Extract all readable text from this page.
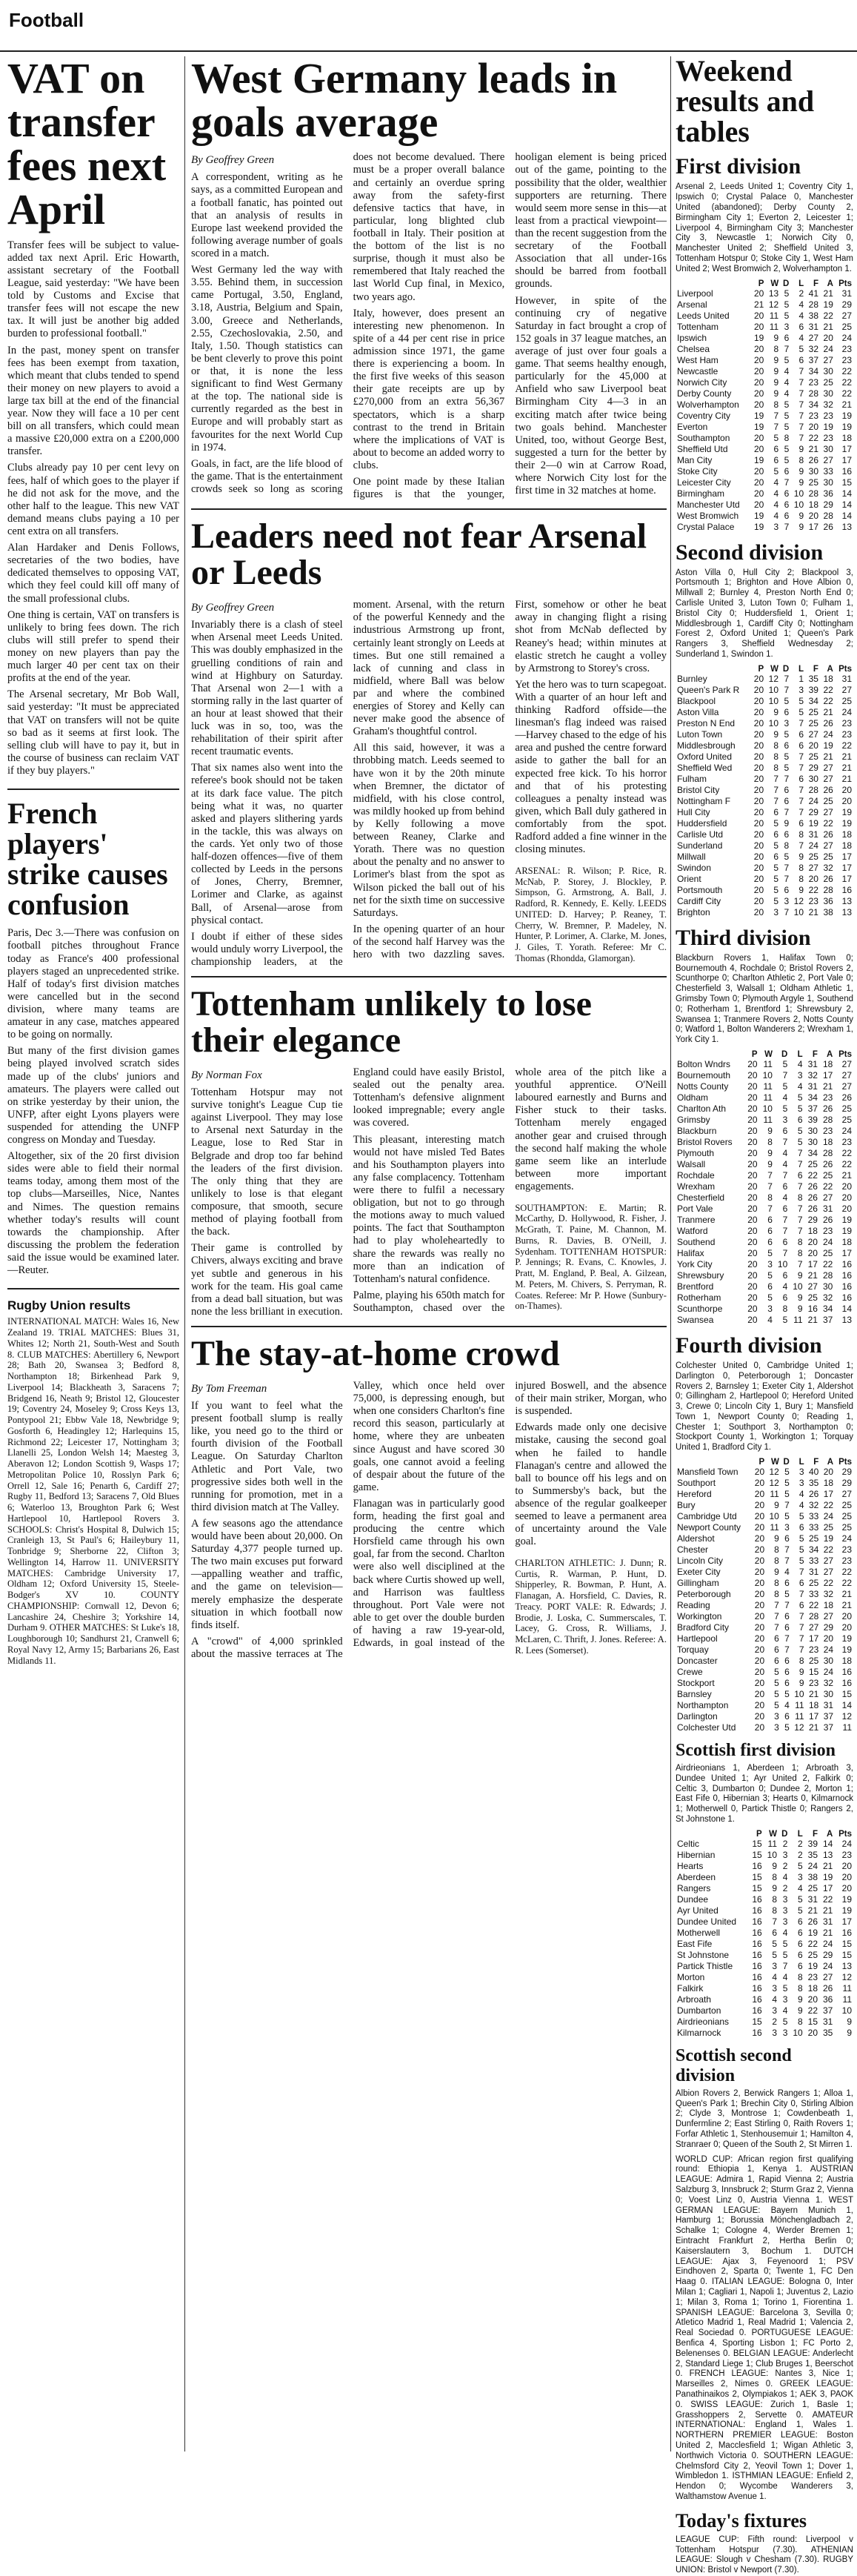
Football
VAT on transfer fees next April

Transfer fees will be subject to value-added tax next April. Eric Howarth, assistant secretary of the Football League, said yesterday: "We have been told by Customs and Excise that transfer fees will not escape the new tax. It will just be another big added burden to professional football."

In the past, money spent on transfer fees has been exempt from taxation, which meant that clubs tended to spend their money on new players to avoid a large tax bill at the end of the financial year. Now they will face a 10 per cent bill on all transfers, which could mean a massive £20,000 extra on a £200,000 transfer.

Clubs already pay 10 per cent levy on fees, half of which goes to the player if he did not ask for the move, and the other half to the league. This new VAT demand means clubs paying a 10 per cent extra on all transfers.

Alan Hardaker and Denis Follows, secretaries of the two bodies, have dedicated themselves to opposing VAT, which they feel could kill off many of the small professional clubs.

One thing is certain, VAT on transfers is unlikely to bring fees down. The rich clubs will still prefer to spend their money on new players than pay the much larger 40 per cent tax on their profits at the end of the year.

The Arsenal secretary, Mr Bob Wall, said yesterday: "It must be appreciated that VAT on transfers will not be quite so bad as it seems at first look. The selling club will have to pay it, but in the course of business can reclaim VAT if they buy players."

French players' strike causes confusion

Paris, Dec 3.—There was confusion on football pitches throughout France today as France's 400 professional players staged an unprecedented strike. Half of today's first division matches were cancelled but in the second division, where many teams are amateur in any case, matches appeared to be going on normally.

But many of the first division games being played involved scratch sides made up of the clubs' juniors and amateurs. The players were called out on strike yesterday by their union, the UNFP, after eight Lyons players were suspended for attending the UNFP congress on Monday and Tuesday.

Altogether, six of the 20 first division sides were able to field their normal teams today, among them most of the top clubs—Marseilles, Nice, Nantes and Nimes. The question remains whether today's results will count towards the championship. After discussing the problem the federation said the issue would be examined later.—Reuter.

Rugby Union results
INTERNATIONAL MATCH: Wales 16, New Zealand 19. TRIAL MATCHES: Blues 31, Whites 12; North 21, South-West and South 8. CLUB MATCHES: Abertillery 6, Newport 28; Bath 20, Swansea 3; Bedford 8, Northampton 18; Birkenhead Park 9, Liverpool 14; Blackheath 3, Saracens 7; Bridgend 16, Neath 9; Bristol 12, Gloucester 19; Coventry 24, Moseley 9; Cross Keys 13, Pontypool 21; Ebbw Vale 18, Newbridge 9; Gosforth 6, Headingley 12; Harlequins 15, Richmond 22; Leicester 17, Nottingham 3; Llanelli 25, London Welsh 14; Maesteg 3, Aberavon 12; London Scottish 9, Wasps 17; Metropolitan Police 10, Rosslyn Park 6; Orrell 12, Sale 16; Penarth 6, Cardiff 27; Rugby 11, Bedford 13; Saracens 7, Old Blues 6; Waterloo 13, Broughton Park 6; West Hartlepool 10, Hartlepool Rovers 3. SCHOOLS: Christ's Hospital 8, Dulwich 15; Cranleigh 13, St Paul's 6; Haileybury 11, Tonbridge 9; Sherborne 22, Clifton 3; Wellington 14, Harrow 11. UNIVERSITY MATCHES: Cambridge University 17, Oldham 12; Oxford University 15, Steele-Bodger's XV 10. COUNTY CHAMPIONSHIP: Cornwall 12, Devon 6; Lancashire 24, Cheshire 3; Yorkshire 14, Durham 9. OTHER MATCHES: St Luke's 18, Loughborough 10; Sandhurst 21, Cranwell 6; Royal Navy 12, Army 15; Barbarians 26, East Midlands 11.
West Germany leads in goals average
By Geoffrey Green

A correspondent, writing as he says, as a committed European and a football fanatic, has pointed out that an analysis of results in Europe last weekend provided the following average number of goals scored in a match.

West Germany led the way with 3.55. Behind them, in succession came Portugal, 3.50, England, 3.18, Austria, Belgium and Spain, 3.00, Greece and Netherlands, 2.55, Czechoslovakia, 2.50, and Italy, 1.50. Though statistics can be bent cleverly to prove this point or that, it is none the less significant to find West Germany at the top. The national side is currently regarded as the best in Europe and will probably start as favourites for the next World Cup in 1974.

Goals, in fact, are the life blood of the game. That is the entertainment crowds seek so long as scoring does not become devalued. There must be a proper overall balance and certainly an overdue spring away from the safety-first defensive tactics that have, in particular, long blighted club football in Italy. Their position at the bottom of the list is no surprise, though it must also be remembered that Italy reached the last World Cup final, in Mexico, two years ago.

Italy, however, does present an interesting new phenomenon. In spite of a 44 per cent rise in price admission since 1971, the game there is experiencing a boom. In the first five weeks of this season their gate receipts are up by £270,000 from an extra 56,367 spectators, which is a sharp contrast to the trend in Britain where the implications of VAT is about to become an added worry to clubs.

One point made by these Italian figures is that the younger, hooligan element is being priced out of the game, pointing to the possibility that the older, wealthier supporters are returning. There would seem more sense in this—at least from a practical viewpoint—than the recent suggestion from the secretary of the Football Association that all under-16s should be barred from football grounds.

However, in spite of the continuing cry of negative Saturday in fact brought a crop of 152 goals in 37 league matches, an average of just over four goals a game. That seems healthy enough, particularly for the 45,000 at Anfield who saw Liverpool beat Birmingham City 4—3 in an exciting match after twice being two goals behind. Manchester United, too, without George Best, suggested a turn for the better by their 2—0 win at Carrow Road, where Norwich City lost for the first time in 32 matches at home.

Leaders need not fear Arsenal or Leeds
By Geoffrey Green

Invariably there is a clash of steel when Arsenal meet Leeds United. This was doubly emphasized in the gruelling conditions of rain and wind at Highbury on Saturday. That Arsenal won 2—1 with a storming rally in the last quarter of an hour at least showed that their luck was in so, too, was the rehabilitation of their spirit after recent traumatic events.

That six names also went into the referee's book should not be taken at its dark face value. The pitch being what it was, no quarter asked and players slithering yards in the tackle, this was always on the cards. Yet only two of those half-dozen offences—five of them collected by Leeds in the persons of Jones, Cherry, Bremner, Lorimer and Clarke, as against Ball, of Arsenal—arose from physical contact.

I doubt if either of these sides would unduly worry Liverpool, the championship leaders, at the moment. Arsenal, with the return of the powerful Kennedy and the industrious Armstrong up front, certainly leant strongly on Leeds at times. But one still remained a lack of cunning and class in midfield, where Ball was below par and where the combined energies of Storey and Kelly can never make good the absence of Graham's thoughtful control.

All this said, however, it was a throbbing match. Leeds seemed to have won it by the 20th minute when Bremner, the dictator of midfield, with his close control, was mildly hooked up from behind by Kelly following a move between Reaney, Clarke and Yorath. There was no question about the penalty and no answer to Lorimer's blast from the spot as Wilson picked the ball out of his net for the sixth time on successive Saturdays.

In the opening quarter of an hour of the second half Harvey was the hero with two dazzling saves. First, somehow or other he beat away in changing flight a rising shot from McNab deflected by Reaney's head; within minutes at elastic stretch he caught a volley by Armstrong to Storey's cross.

Yet the hero was to turn scapegoat. With a quarter of an hour left and thinking Radford offside—the linesman's flag indeed was raised—Harvey chased to the edge of his area and pushed the centre forward aside to gather the ball for an expected free kick. To his horror and that of his protesting colleagues a penalty instead was given, which Ball duly gathered in comfortably from the spot. Radford added a fine winner in the closing minutes.

ARSENAL: R. Wilson; P. Rice, R. McNab, P. Storey, J. Blockley, P. Simpson, G. Armstrong, A. Ball, J. Radford, R. Kennedy, E. Kelly. LEEDS UNITED: D. Harvey; P. Reaney, T. Cherry, W. Bremner, P. Madeley, N. Hunter, P. Lorimer, A. Clarke, M. Jones, J. Giles, T. Yorath. Referee: Mr C. Thomas (Rhondda, Glamorgan).

Tottenham unlikely to lose their elegance
By Norman Fox

Tottenham Hotspur may not survive tonight's League Cup tie against Liverpool. They may lose to Arsenal next Saturday in the League, lose to Red Star in Belgrade and drop too far behind the leaders of the first division. The only thing that they are unlikely to lose is that elegant composure, that smooth, secure method of playing football from the back.

Their game is controlled by Chivers, always exciting and brave yet subtle and generous in his work for the team. His goal came from a dead ball situation, but was none the less brilliant in execution. England could have easily Bristol, sealed out the penalty area. Tottenham's defensive alignment looked impregnable; every angle was covered.

This pleasant, interesting match would not have misled Ted Bates and his Southampton players into any false complacency. Tottenham were there to fulfil a necessary obligation, but not to go through the motions away to much valued points. The fact that Southampton had to play wholeheartedly to share the rewards was really no more than an indication of Tottenham's natural confidence.

Palme, playing his 650th match for Southampton, chased over the whole area of the pitch like a youthful apprentice. O'Neill laboured earnestly and Burns and Fisher stuck to their tasks. Tottenham merely engaged another gear and cruised through the second half making the whole game seem like an interlude between more important engagements.

SOUTHAMPTON: E. Martin; R. McCarthy, D. Hollywood, R. Fisher, J. McGrath, T. Paine, M. Channon, M. Burns, R. Davies, B. O'Neill, J. Sydenham. TOTTENHAM HOTSPUR: P. Jennings; R. Evans, C. Knowles, J. Pratt, M. England, P. Beal, A. Gilzean, M. Peters, M. Chivers, S. Perryman, R. Coates. Referee: Mr P. Howe (Sunbury-on-Thames).

The stay-at-home crowd
By Tom Freeman

If you want to feel what the present football slump is really like, you need go to the third or fourth division of the Football League. On Saturday Charlton Athletic and Port Vale, two progressive sides both well in the running for promotion, met in a third division match at The Valley.

A few seasons ago the attendance would have been about 20,000. On Saturday 4,377 people turned up. The two main excuses put forward—appalling weather and traffic, and the game on television—merely emphasize the desperate situation in which football now finds itself.

A "crowd" of 4,000 sprinkled about the massive terraces at The Valley, which once held over 75,000, is depressing enough, but when one considers Charlton's fine record this season, particularly at home, where they are unbeaten since August and have scored 30 goals, one cannot avoid a feeling of despair about the future of the game.

Flanagan was in particularly good form, heading the first goal and producing the centre which Horsfield came through his own goal, far from the second. Charlton were also well disciplined at the back where Curtis showed up well, and Harrison was faultless throughout. Port Vale were not able to get over the double burden of having a raw 19-year-old, Edwards, in goal instead of the injured Boswell, and the absence of their main striker, Morgan, who is suspended.

Edwards made only one decisive mistake, causing the second goal when he failed to handle Flanagan's centre and allowed the ball to bounce off his legs and on to Summersby's back, but the absence of the regular goalkeeper seemed to leave a permanent area of uncertainty around the Vale goal.

CHARLTON ATHLETIC: J. Dunn; R. Curtis, R. Warman, P. Hunt, D. Shipperley, R. Bowman, P. Hunt, A. Flanagan, A. Horsfield, C. Davies, R. Treacy. PORT VALE: R. Edwards; J. Brodie, J. Loska, C. Summerscales, T. Lacey, G. Cross, R. Williams, J. McLaren, C. Thrift, J. Jones. Referee: A. R. Lees (Somerset).

Weekend results and tables
First division
Arsenal 2, Leeds United 1; Coventry City 1, Ipswich 0; Crystal Palace 0, Manchester United (abandoned); Derby County 2, Birmingham City 1; Everton 2, Leicester 1; Liverpool 4, Birmingham City 3; Manchester City 3, Newcastle 1; Norwich City 0, Manchester United 2; Sheffield United 3, Tottenham Hotspur 0; Stoke City 1, West Ham United 2; West Bromwich 2, Wolverhampton 1.
	P	W	D	L	F	A	Pts
Liverpool	20	13	5	2	41	21	31
Arsenal	21	12	5	4	28	19	29
Leeds United	20	11	5	4	38	22	27
Tottenham	20	11	3	6	31	21	25
Ipswich	19	9	6	4	27	20	24
Chelsea	20	8	7	5	32	24	23
West Ham	20	9	5	6	37	27	23
Newcastle	20	9	4	7	34	30	22
Norwich City	20	9	4	7	23	25	22
Derby County	20	9	4	7	28	30	22
Wolverhampton	20	8	5	7	34	32	21
Coventry City	19	7	5	7	23	23	19
Everton	19	7	5	7	20	19	19
Southampton	20	5	8	7	22	23	18
Sheffield Utd	20	6	5	9	21	30	17
Man City	19	6	5	8	26	27	17
Stoke City	20	5	6	9	30	33	16
Leicester City	20	4	7	9	25	30	15
Birmingham	20	4	6	10	28	36	14
Manchester Utd	20	4	6	10	18	29	14
West Bromwich	19	4	6	9	20	28	14
Crystal Palace	19	3	7	9	17	26	13
Second division
Aston Villa 0, Hull City 2; Blackpool 3, Portsmouth 1; Brighton and Hove Albion 0, Millwall 2; Burnley 4, Preston North End 0; Carlisle United 3, Luton Town 0; Fulham 1, Bristol City 0; Huddersfield 1, Orient 1; Middlesbrough 1, Cardiff City 0; Nottingham Forest 2, Oxford United 1; Queen's Park Rangers 3, Sheffield Wednesday 2; Sunderland 1, Swindon 1.
	P	W	D	L	F	A	Pts
Burnley	20	12	7	1	35	18	31
Queen's Park R	20	10	7	3	39	22	27
Blackpool	20	10	5	5	34	22	25
Aston Villa	20	9	6	5	25	21	24
Preston N End	20	10	3	7	25	26	23
Luton Town	20	9	5	6	27	24	23
Middlesbrough	20	8	6	6	20	19	22
Oxford United	20	8	5	7	25	21	21
Sheffield Wed	20	8	5	7	29	27	21
Fulham	20	7	7	6	30	27	21
Bristol City	20	7	6	7	28	26	20
Nottingham F	20	7	6	7	24	25	20
Hull City	20	6	7	7	29	27	19
Huddersfield	20	5	9	6	19	22	19
Carlisle Utd	20	6	6	8	31	26	18
Sunderland	20	5	8	7	24	27	18
Millwall	20	6	5	9	25	25	17
Swindon	20	5	7	8	27	32	17
Orient	20	5	7	8	20	26	17
Portsmouth	20	5	6	9	22	28	16
Cardiff City	20	5	3	12	23	36	13
Brighton	20	3	7	10	21	38	13
Third division
Blackburn Rovers 1, Halifax Town 0; Bournemouth 4, Rochdale 0; Bristol Rovers 2, Scunthorpe 0; Charlton Athletic 2, Port Vale 0; Chesterfield 3, Walsall 1; Oldham Athletic 1, Grimsby Town 0; Plymouth Argyle 1, Southend 0; Rotherham 1, Brentford 1; Shrewsbury 2, Swansea 1; Tranmere Rovers 2, Notts County 0; Watford 1, Bolton Wanderers 2; Wrexham 1, York City 1.
	P	W	D	L	F	A	Pts
Bolton Wndrs	20	11	5	4	31	18	27
Bournemouth	20	10	7	3	32	17	27
Notts County	20	11	5	4	31	21	27
Oldham	20	11	4	5	34	23	26
Charlton Ath	20	10	5	5	37	26	25
Grimsby	20	11	3	6	39	28	25
Blackburn	20	9	6	5	30	23	24
Bristol Rovers	20	8	7	5	30	18	23
Plymouth	20	9	4	7	34	28	22
Walsall	20	9	4	7	25	26	22
Rochdale	20	7	7	6	22	25	21
Wrexham	20	7	6	7	26	22	20
Chesterfield	20	8	4	8	26	27	20
Port Vale	20	7	6	7	26	31	20
Tranmere	20	6	7	7	29	26	19
Watford	20	6	7	7	18	23	19
Southend	20	6	6	8	20	24	18
Halifax	20	5	7	8	20	25	17
York City	20	3	10	7	17	22	16
Shrewsbury	20	5	6	9	21	28	16
Brentford	20	6	4	10	27	30	16
Rotherham	20	5	6	9	25	32	16
Scunthorpe	20	3	8	9	16	34	14
Swansea	20	4	5	11	21	37	13
Fourth division
Colchester United 0, Cambridge United 1; Darlington 0, Peterborough 1; Doncaster Rovers 2, Barnsley 1; Exeter City 1, Aldershot 0; Gillingham 2, Hartlepool 0; Hereford United 3, Crewe 0; Lincoln City 1, Bury 1; Mansfield Town 1, Newport County 0; Reading 1, Chester 1; Southport 3, Northampton 0; Stockport County 1, Workington 1; Torquay United 1, Bradford City 1.
	P	W	D	L	F	A	Pts
Mansfield Town	20	12	5	3	40	20	29
Southport	20	12	5	3	35	18	29
Hereford	20	11	5	4	26	17	27
Bury	20	9	7	4	32	22	25
Cambridge Utd	20	10	5	5	33	24	25
Newport County	20	11	3	6	33	25	25
Aldershot	20	9	6	5	25	19	24
Chester	20	8	7	5	34	22	23
Lincoln City	20	8	7	5	33	27	23
Exeter City	20	9	4	7	31	27	22
Gillingham	20	8	6	6	25	22	22
Peterborough	20	8	5	7	33	32	21
Reading	20	7	7	6	22	18	21
Workington	20	7	6	7	28	27	20
Bradford City	20	7	6	7	27	29	20
Hartlepool	20	6	7	7	17	20	19
Torquay	20	6	7	7	23	24	19
Doncaster	20	6	6	8	25	30	18
Crewe	20	5	6	9	15	24	16
Stockport	20	5	6	9	23	32	16
Barnsley	20	5	5	10	21	30	15
Northampton	20	5	4	11	18	31	14
Darlington	20	3	6	11	17	37	12
Colchester Utd	20	3	5	12	21	37	11
Scottish first division
Airdrieonians 1, Aberdeen 1; Arbroath 3, Dundee United 1; Ayr United 2, Falkirk 0; Celtic 3, Dumbarton 0; Dundee 2, Morton 1; East Fife 0, Hibernian 3; Hearts 0, Kilmarnock 1; Motherwell 0, Partick Thistle 0; Rangers 2, St Johnstone 1.
	P	W	D	L	F	A	Pts
Celtic	15	11	2	2	39	14	24
Hibernian	15	10	3	2	35	13	23
Hearts	16	9	2	5	24	21	20
Aberdeen	15	8	4	3	38	19	20
Rangers	15	9	2	4	25	17	20
Dundee	16	8	3	5	31	22	19
Ayr United	16	8	3	5	21	21	19
Dundee United	16	7	3	6	26	31	17
Motherwell	16	6	4	6	19	21	16
East Fife	16	5	5	6	22	24	15
St Johnstone	16	5	5	6	25	29	15
Partick Thistle	16	3	7	6	19	24	13
Morton	16	4	4	8	23	27	12
Falkirk	16	3	5	8	18	26	11
Arbroath	16	4	3	9	20	36	11
Dumbarton	16	3	4	9	22	37	10
Airdrieonians	15	2	5	8	15	31	9
Kilmarnock	16	3	3	10	20	35	9
Scottish second division
Albion Rovers 2, Berwick Rangers 1; Alloa 1, Queen's Park 1; Brechin City 0, Stirling Albion 2; Clyde 3, Montrose 1; Cowdenbeath 1, Dunfermline 2; East Stirling 0, Raith Rovers 1; Forfar Athletic 1, Stenhousemuir 1; Hamilton 4, Stranraer 0; Queen of the South 2, St Mirren 1.
WORLD CUP: African region first qualifying round: Ethiopia 1, Kenya 1. AUSTRIAN LEAGUE: Admira 1, Rapid Vienna 2; Austria Salzburg 3, Innsbruck 2; Sturm Graz 2, Vienna 0; Voest Linz 0, Austria Vienna 1. WEST GERMAN LEAGUE: Bayern Munich 1, Hamburg 1; Borussia Mönchengladbach 2, Schalke 1; Cologne 4, Werder Bremen 1; Eintracht Frankfurt 2, Hertha Berlin 0; Kaiserslautern 3, Bochum 1. DUTCH LEAGUE: Ajax 3, Feyenoord 1; PSV Eindhoven 2, Sparta 0; Twente 1, FC Den Haag 0. ITALIAN LEAGUE: Bologna 0, Inter Milan 1; Cagliari 1, Napoli 1; Juventus 2, Lazio 1; Milan 3, Roma 1; Torino 1, Fiorentina 1. SPANISH LEAGUE: Barcelona 3, Sevilla 0; Atletico Madrid 1, Real Madrid 1; Valencia 2, Real Sociedad 0. PORTUGUESE LEAGUE: Benfica 4, Sporting Lisbon 1; FC Porto 2, Belenenses 0. BELGIAN LEAGUE: Anderlecht 2, Standard Liege 1; Club Bruges 1, Beerschot 0. FRENCH LEAGUE: Nantes 3, Nice 1; Marseilles 2, Nimes 0. GREEK LEAGUE: Panathinaikos 2, Olympiakos 1; AEK 3, PAOK 0. SWISS LEAGUE: Zurich 1, Basle 1; Grasshoppers 2, Servette 0. AMATEUR INTERNATIONAL: England 1, Wales 1. NORTHERN PREMIER LEAGUE: Boston United 2, Macclesfield 1; Wigan Athletic 3, Northwich Victoria 0. SOUTHERN LEAGUE: Chelmsford City 2, Yeovil Town 1; Dover 1, Wimbledon 1. ISTHMIAN LEAGUE: Enfield 2, Hendon 0; Wycombe Wanderers 3, Walthamstow Avenue 1.
Today's fixtures
LEAGUE CUP: Fifth round: Liverpool v Tottenham Hotspur (7.30). ATHENIAN LEAGUE: Slough v Chesham (7.30). RUGBY UNION: Bristol v Newport (7.30).
